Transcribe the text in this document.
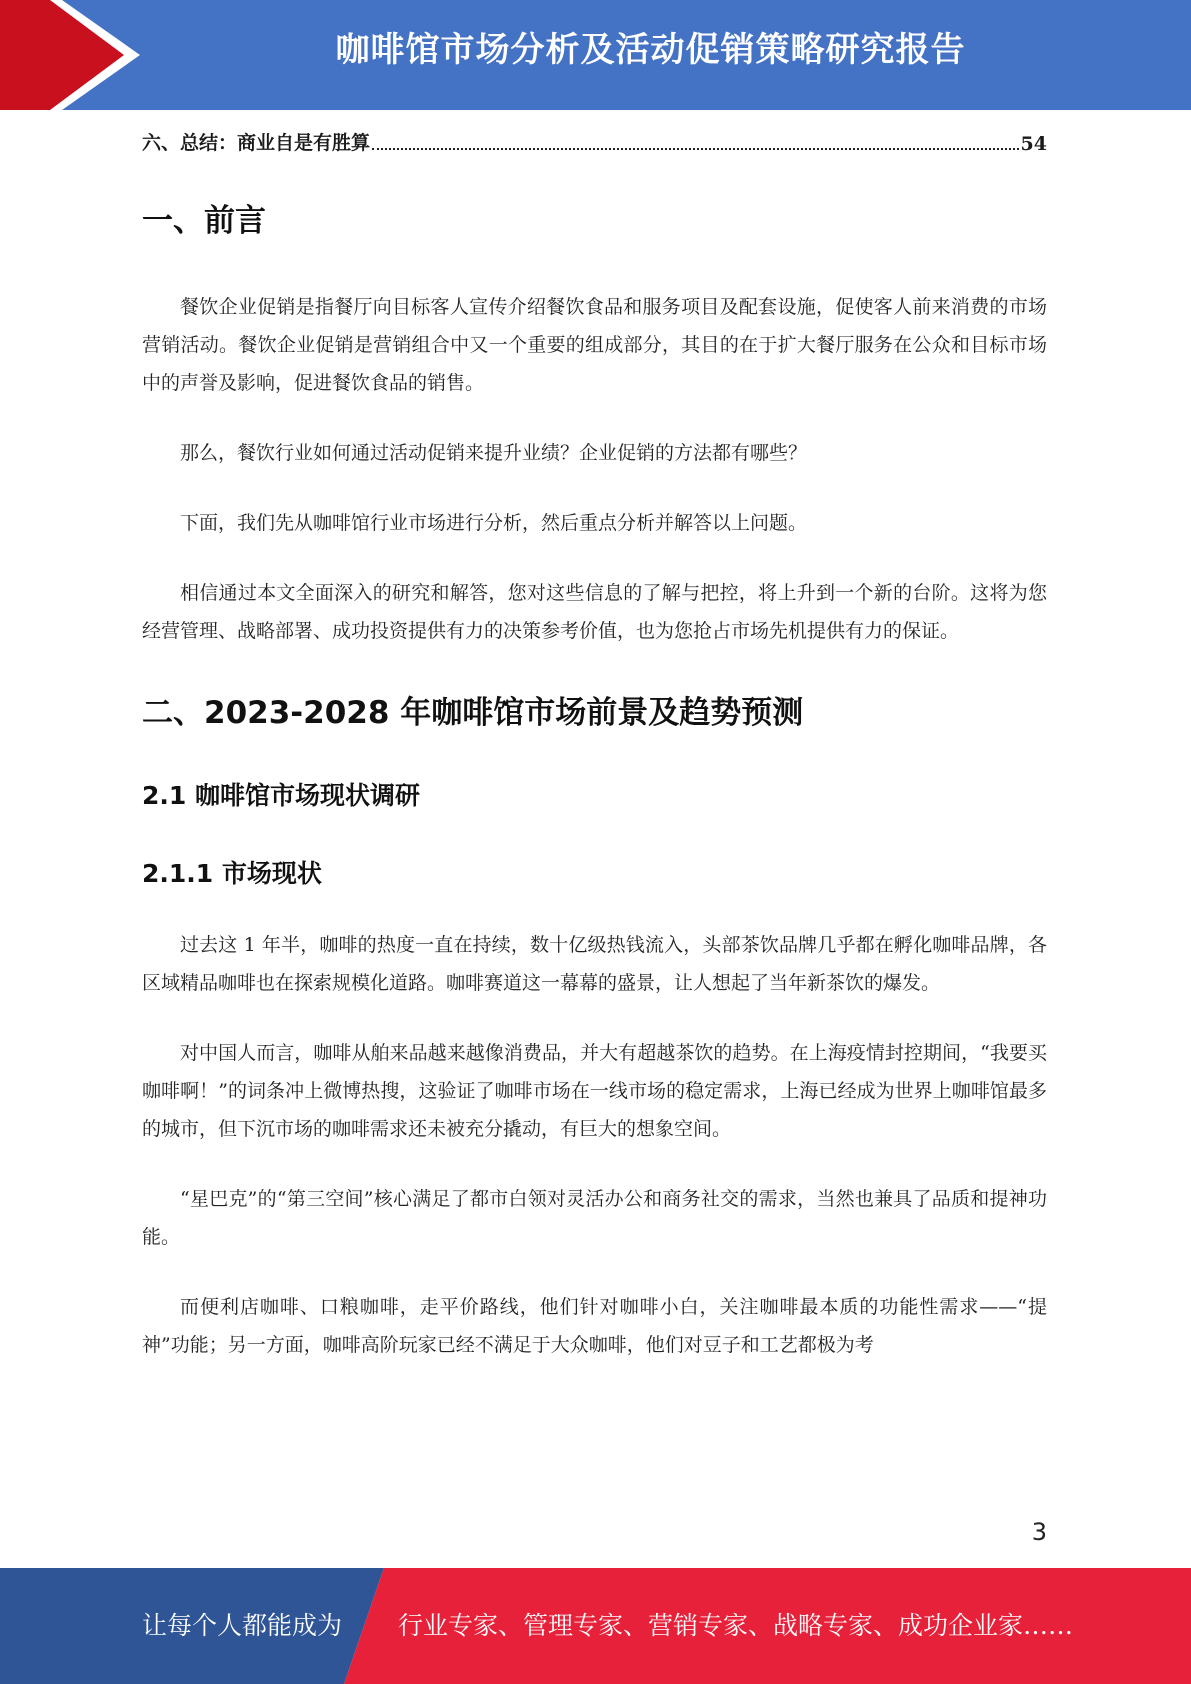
咖啡馆市场分析及活动促销策略研究报告
六、总结：商业自是有胜算	54
一、前言

餐饮企业促销是指餐厅向目标客人宣传介绍餐饮食品和服务项目及配套设施，促使客人前来消费的市场营销活动。餐饮企业促销是营销组合中又一个重要的组成部分，其目的在于扩大餐厅服务在公众和目标市场中的声誉及影响，促进餐饮食品的销售。

那么，餐饮行业如何通过活动促销来提升业绩？企业促销的方法都有哪些？

下面，我们先从咖啡馆行业市场进行分析，然后重点分析并解答以上问题。

相信通过本文全面深入的研究和解答，您对这些信息的了解与把控，将上升到一个新的台阶。这将为您经营管理、战略部署、成功投资提供有力的决策参考价值，也为您抢占市场先机提供有力的保证。

二、2023-2028 年咖啡馆市场前景及趋势预测
2.1 咖啡馆市场现状调研
2.1.1 市场现状

过去这 1 年半，咖啡的热度一直在持续，数十亿级热钱流入，头部茶饮品牌几乎都在孵化咖啡品牌，各区域精品咖啡也在探索规模化道路。咖啡赛道这一幕幕的盛景，让人想起了当年新茶饮的爆发。

对中国人而言，咖啡从舶来品越来越像消费品，并大有超越茶饮的趋势。在上海疫情封控期间，“我要买咖啡啊！”的词条冲上微博热搜，这验证了咖啡市场在一线市场的稳定需求，上海已经成为世界上咖啡馆最多的城市，但下沉市场的咖啡需求还未被充分撬动，有巨大的想象空间。

“星巴克”的“第三空间”核心满足了都市白领对灵活办公和商务社交的需求，当然也兼具了品质和提神功能。

而便利店咖啡、口粮咖啡，走平价路线，他们针对咖啡小白，关注咖啡最本质的功能性需求——“提神”功能；另一方面，咖啡高阶玩家已经不满足于大众咖啡，他们对豆子和工艺都极为考

3
让每个人都能成为 行业专家、管理专家、营销专家、战略专家、成功企业家……
